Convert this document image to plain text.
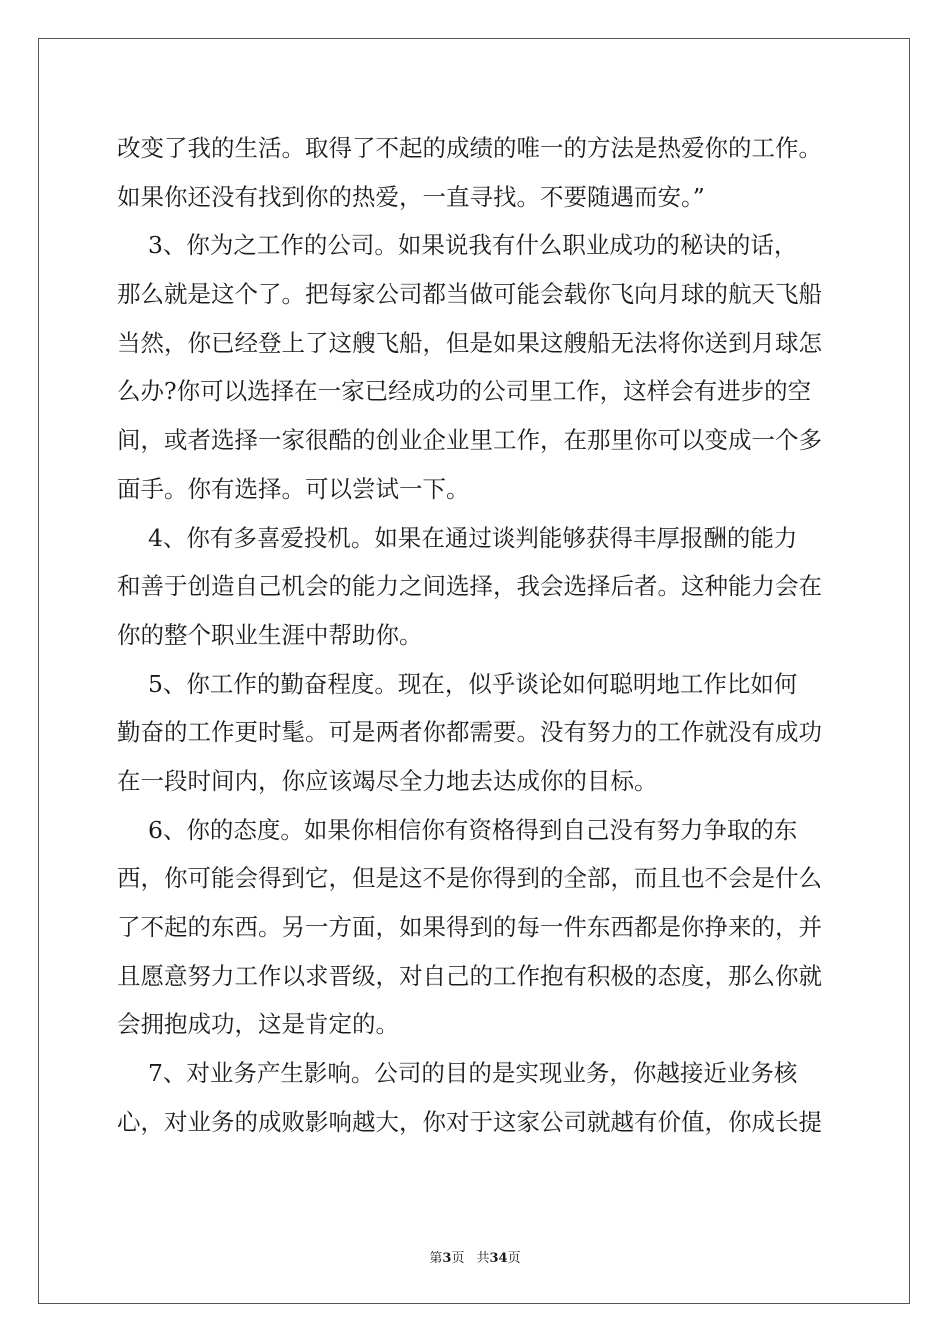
改变了我的生活。取得了不起的成绩的唯一的方法是热爱你的工作。
如果你还没有找到你的热爱，一直寻找。不要随遇而安。”
　 3、你为之工作的公司。如果说我有什么职业成功的秘诀的话，
那么就是这个了。把每家公司都当做可能会载你飞向月球的航天飞船
当然，你已经登上了这艘飞船，但是如果这艘船无法将你送到月球怎
么办?你可以选择在一家已经成功的公司里工作，这样会有进步的空
间，或者选择一家很酷的创业企业里工作，在那里你可以变成一个多
面手。你有选择。可以尝试一下。
　 4、你有多喜爱投机。如果在通过谈判能够获得丰厚报酬的能力
和善于创造自己机会的能力之间选择，我会选择后者。这种能力会在
你的整个职业生涯中帮助你。
　 5、你工作的勤奋程度。现在，似乎谈论如何聪明地工作比如何
勤奋的工作更时髦。可是两者你都需要。没有努力的工作就没有成功
在一段时间内，你应该竭尽全力地去达成你的目标。
　 6、你的态度。如果你相信你有资格得到自己没有努力争取的东
西，你可能会得到它，但是这不是你得到的全部，而且也不会是什么
了不起的东西。另一方面，如果得到的每一件东西都是你挣来的，并
且愿意努力工作以求晋级，对自己的工作抱有积极的态度，那么你就
会拥抱成功，这是肯定的。
　 7、对业务产生影响。公司的目的是实现业务，你越接近业务核
心，对业务的成败影响越大，你对于这家公司就越有价值，你成长提
第3页 共34页
